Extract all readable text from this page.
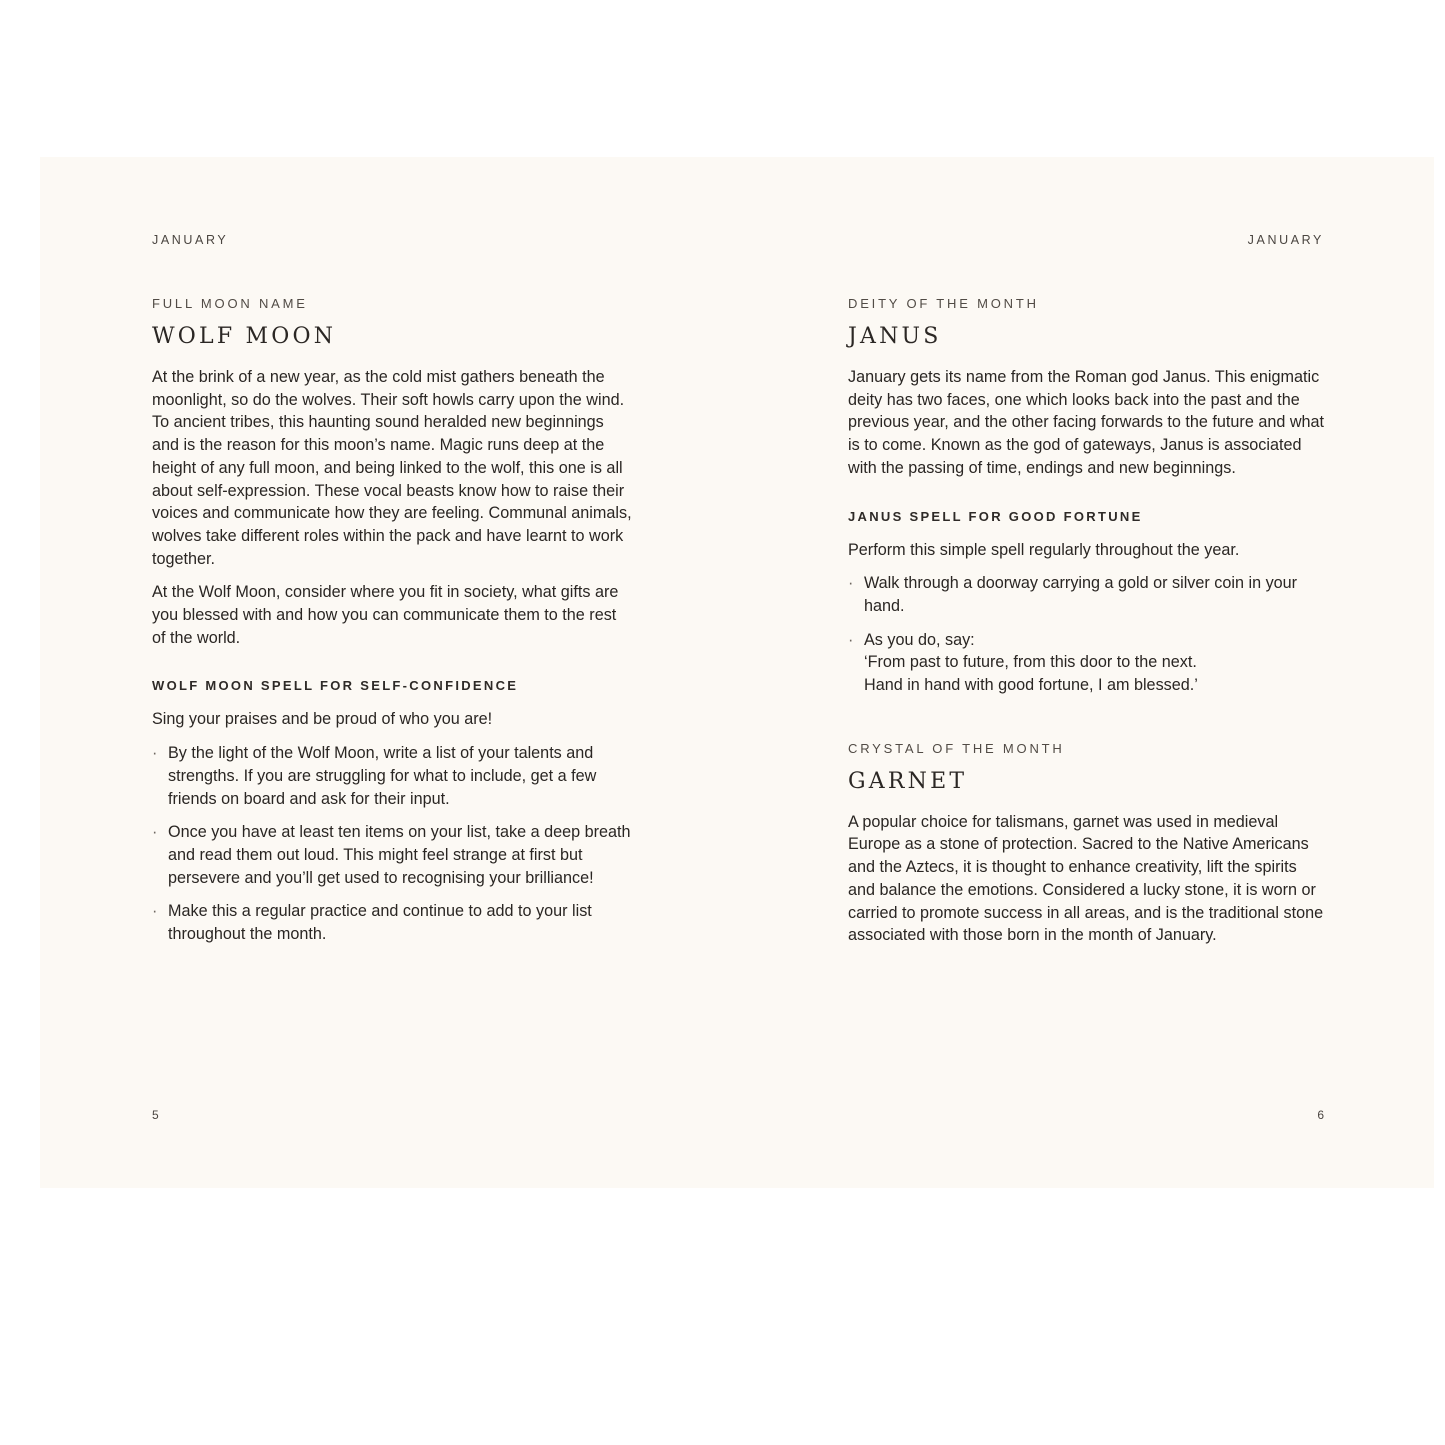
JANUARY
FULL MOON NAME
WOLF MOON

At the brink of a new year, as the cold mist gathers beneath the moonlight, so do the wolves. Their soft howls carry upon the wind. To ancient tribes, this haunting sound heralded new beginnings and is the reason for this moon’s name. Magic runs deep at the height of any full moon, and being linked to the wolf, this one is all about self-expression. These vocal beasts know how to raise their voices and communicate how they are feeling. Communal animals, wolves take different roles within the pack and have learnt to work together.

At the Wolf Moon, consider where you fit in society, what gifts are you blessed with and how you can communicate them to the rest of the world.

WOLF MOON SPELL FOR SELF-CONFIDENCE

Sing your praises and be proud of who you are!

· By the light of the Wolf Moon, write a list of your talents and strengths. If you are struggling for what to include, get a few friends on board and ask for their input.
· Once you have at least ten items on your list, take a deep breath and read them out loud. This might feel strange at first but persevere and you’ll get used to recognising your brilliance!
· Make this a regular practice and continue to add to your list throughout the month.
5
JANUARY
DEITY OF THE MONTH
JANUS

January gets its name from the Roman god Janus. This enigmatic deity has two faces, one which looks back into the past and the previous year, and the other facing forwards to the future and what is to come. Known as the god of gateways, Janus is associated with the passing of time, endings and new beginnings.

JANUS SPELL FOR GOOD FORTUNE

Perform this simple spell regularly throughout the year.

· Walk through a doorway carrying a gold or silver coin in your hand.
· As you do, say:
‘From past to future, from this door to the next.
Hand in hand with good fortune, I am blessed.’
CRYSTAL OF THE MONTH
GARNET

A popular choice for talismans, garnet was used in medieval Europe as a stone of protection. Sacred to the Native Americans and the Aztecs, it is thought to enhance creativity, lift the spirits and balance the emotions. Considered a lucky stone, it is worn or carried to promote success in all areas, and is the traditional stone associated with those born in the month of January.

6
